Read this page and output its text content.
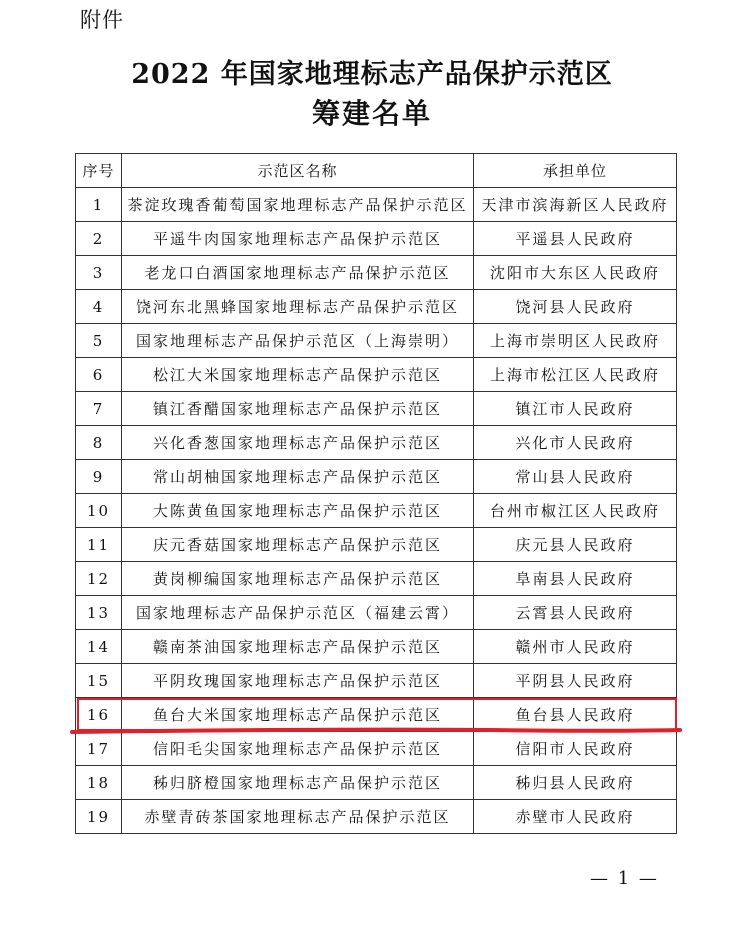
附件
2022 年国家地理标志产品保护示范区
筹建名单
序号	示范区名称	承担单位
1	茶淀玫瑰香葡萄国家地理标志产品保护示范区	天津市滨海新区人民政府
2	平遥牛肉国家地理标志产品保护示范区	平遥县人民政府
3	老龙口白酒国家地理标志产品保护示范区	沈阳市大东区人民政府
4	饶河东北黑蜂国家地理标志产品保护示范区	饶河县人民政府
5	国家地理标志产品保护示范区（上海崇明）	上海市崇明区人民政府
6	松江大米国家地理标志产品保护示范区	上海市松江区人民政府
7	镇江香醋国家地理标志产品保护示范区	镇江市人民政府
8	兴化香葱国家地理标志产品保护示范区	兴化市人民政府
9	常山胡柚国家地理标志产品保护示范区	常山县人民政府
10	大陈黄鱼国家地理标志产品保护示范区	台州市椒江区人民政府
11	庆元香菇国家地理标志产品保护示范区	庆元县人民政府
12	黄岗柳编国家地理标志产品保护示范区	阜南县人民政府
13	国家地理标志产品保护示范区（福建云霄）	云霄县人民政府
14	赣南茶油国家地理标志产品保护示范区	赣州市人民政府
15	平阴玫瑰国家地理标志产品保护示范区	平阴县人民政府
16	鱼台大米国家地理标志产品保护示范区	鱼台县人民政府
17	信阳毛尖国家地理标志产品保护示范区	信阳市人民政府
18	秭归脐橙国家地理标志产品保护示范区	秭归县人民政府
19	赤壁青砖茶国家地理标志产品保护示范区	赤壁市人民政府
— 1 —
